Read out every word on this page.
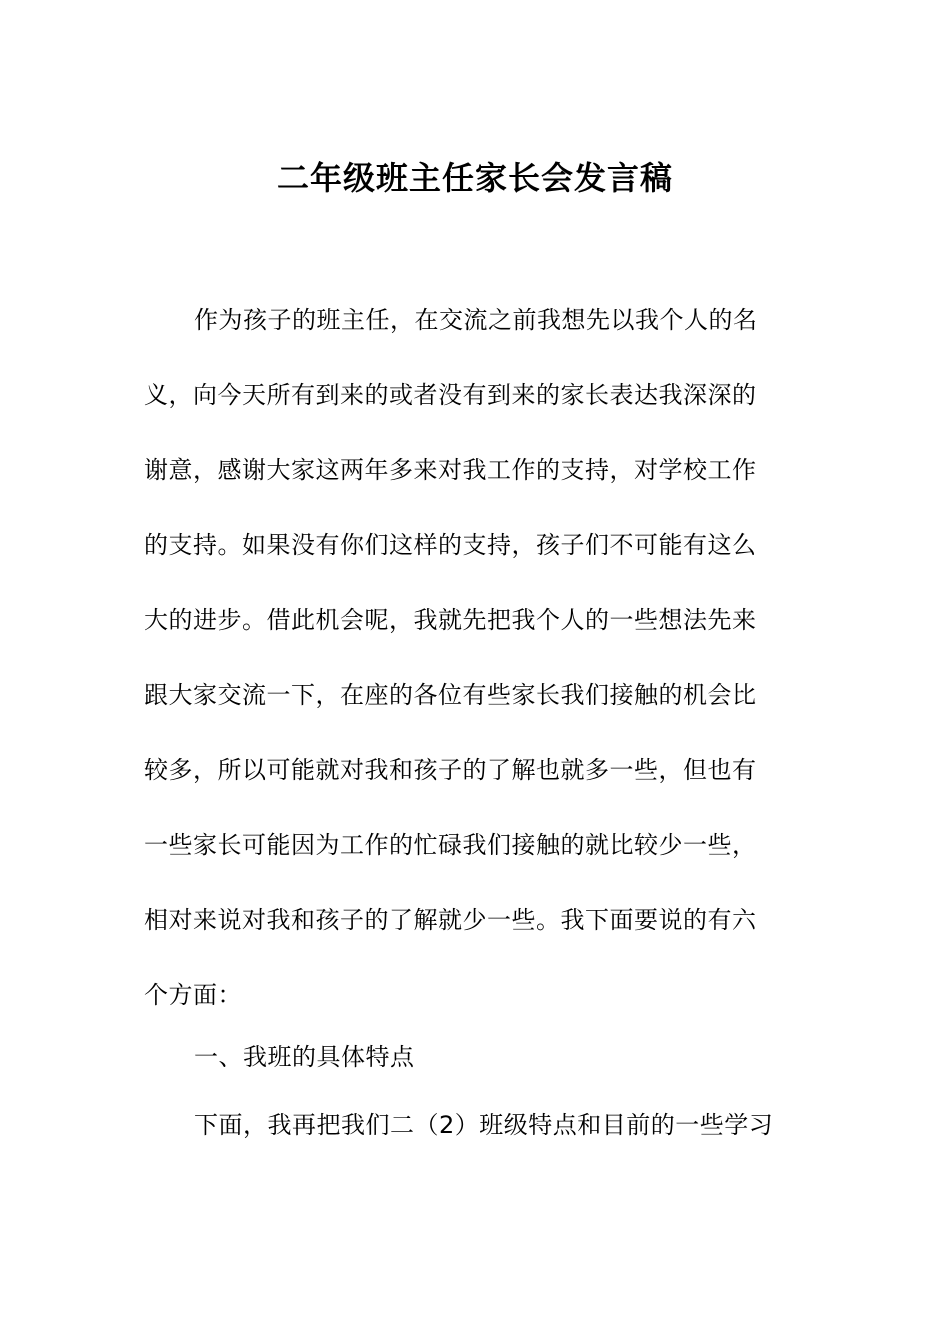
二年级班主任家长会发言稿
作为孩子的班主任，在交流之前我想先以我个人的名
义，向今天所有到来的或者没有到来的家长表达我深深的
谢意，感谢大家这两年多来对我工作的支持，对学校工作
的支持。如果没有你们这样的支持，孩子们不可能有这么
大的进步。借此机会呢，我就先把我个人的一些想法先来
跟大家交流一下，在座的各位有些家长我们接触的机会比
较多，所以可能就对我和孩子的了解也就多一些，但也有
一些家长可能因为工作的忙碌我们接触的就比较少一些，
相对来说对我和孩子的了解就少一些。我下面要说的有六
个方面：
一、我班的具体特点
下面，我再把我们二（2）班级特点和目前的一些学习
